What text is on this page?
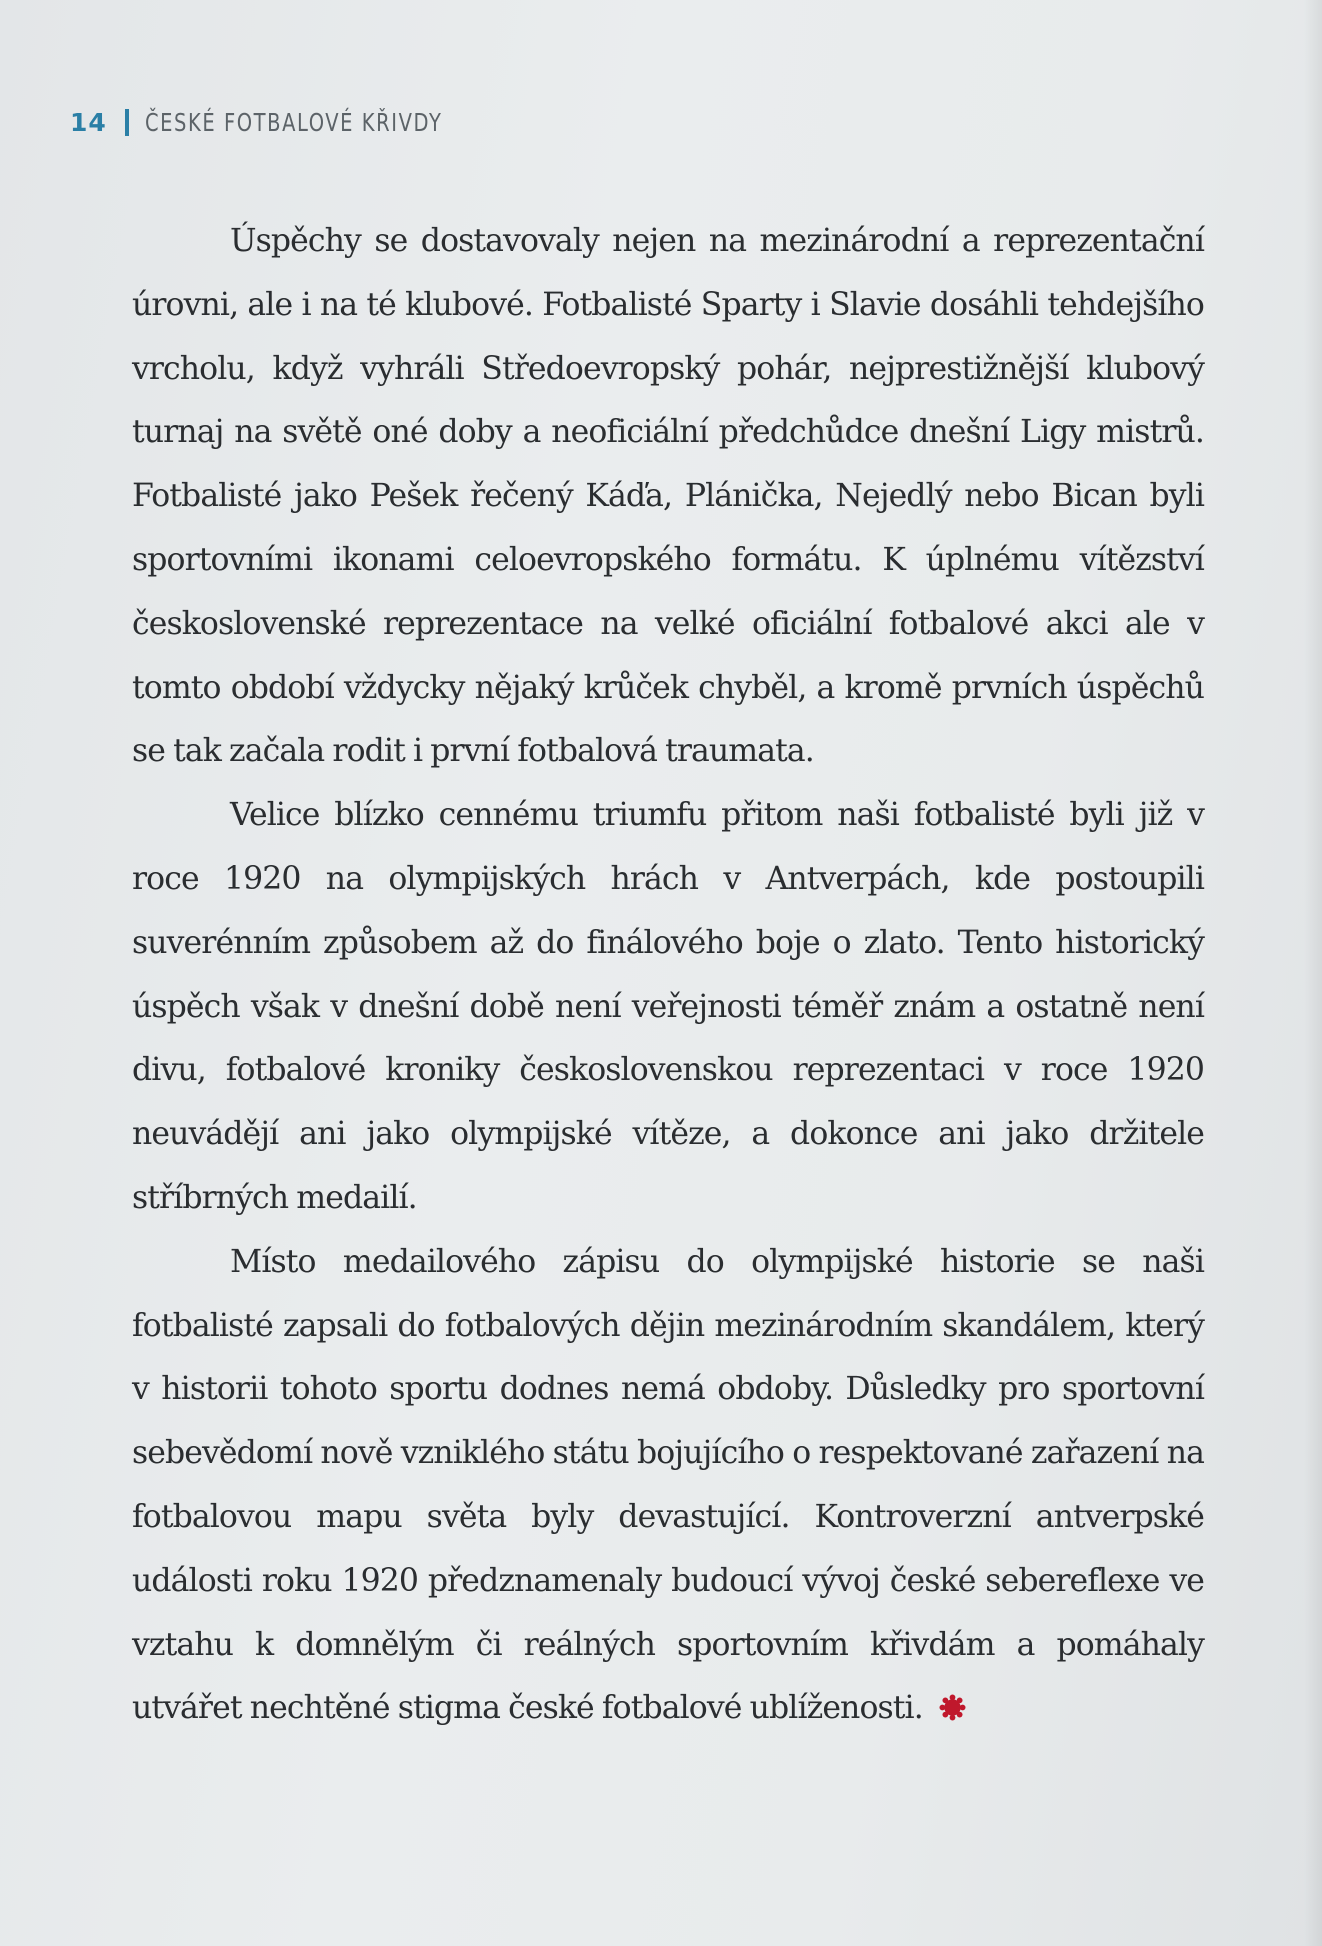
14 ČESKÉ FOTBALOVÉ KŘIVDY

Úspěchy se dostavovaly nejen na mezinárodní a reprezentační úrovni, ale i na té klubové. Fotbalisté Sparty i Slavie dosáhli tehdejšího vrcholu, když vyhráli Středoevropský pohár, nejprestižnější klubový turnaj na světě oné doby a neoficiální předchůdce dnešní Ligy mistrů. Fotbalisté jako Pešek řečený Káďa, Plánička, Nejedlý nebo Bican byli sportovními ikonami celoevropského formátu. K úplnému vítězství československé reprezentace na velké oficiální fotbalové akci ale v tomto období vždycky nějaký krůček chyběl, a kromě prvních úspěchů se tak začala rodit i první fotbalová traumata.

Velice blízko cennému triumfu přitom naši fotbalisté byli již v roce 1920 na olympijských hrách v Antverpách, kde postoupili suverénním způsobem až do finálového boje o zlato. Tento historický úspěch však v dnešní době není veřejnosti téměř znám a ostatně není divu, fotbalové kroniky československou reprezentaci v roce 1920 neuvádějí ani jako olympijské vítěze, a dokonce ani jako držitele stříbrných medailí.

Místo medailového zápisu do olympijské historie se naši fotbalisté zapsali do fotbalových dějin mezinárodním skandálem, který v historii tohoto sportu dodnes nemá obdoby. Důsledky pro sportovní sebevědomí nově vzniklého státu bojujícího o respektované zařazení na fotbalovou mapu světa byly devastující. Kontroverzní antverpské události roku 1920 předznamenaly budoucí vývoj české sebereflexe ve vztahu k domnělým či reálných sportovním křivdám a pomáhaly utvářet nechtěné stigma české fotbalové ublíženosti.
